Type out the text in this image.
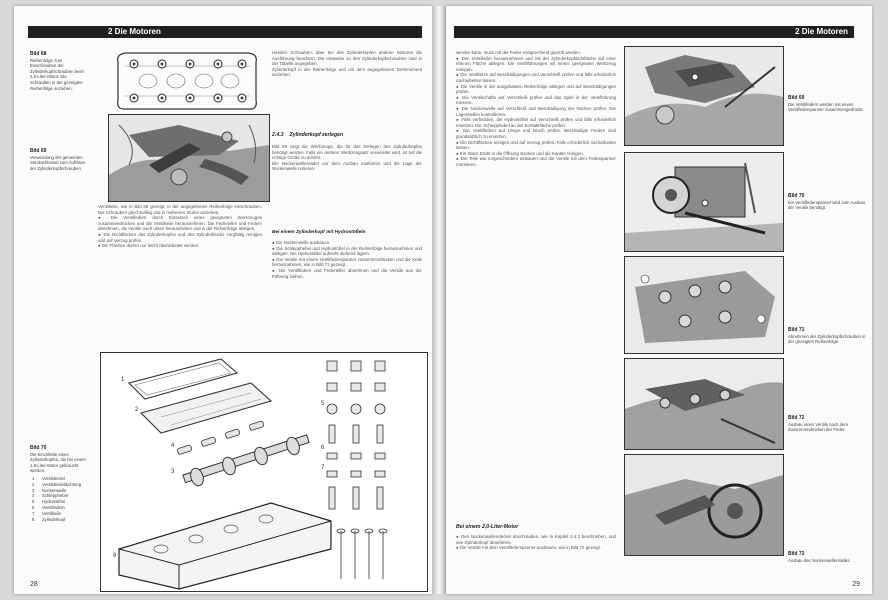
2 Die Motoren
Bild 68
Reihenfolge zum Einschrauben der Zylinderkopfschrauben beim 2,0-Liter-Motor. Die Schrauben in der gezeigten Reihenfolge anziehen.
Bild 69
Verwendung der genannten Steckschlüssel zum Auflösen der Zylinderkopfschrauben.

Ventilkeile, wie in Bild 68 gezeigt, in der angegebenen Reihenfolge einschrauben. Die Schrauben gleichmäßig und in mehreren Stufen anziehen.

● Die Ventilfedern durch Einsetzen eines geeigneten Werkzeuges zusammendrücken und die Ventilkeile herausnehmen. Die Federteller und Federn abnehmen, die Ventile nach unten herausziehen und in der Reihenfolge ablegen.

● Die Dichtflächen des Zylinderkopfes und des Zylinderblocks sorgfältig reinigen und auf Verzug prüfen.

● Die Flächen dürfen nur leicht überarbeitet werden.

Handen Schrauben, aber bei den Zylinderköpfen anderer Motoren die Ausführung beachten. Die Hinweise zu den Zylinderkopfschrauben sind in der Tabelle angegeben.

Zylinderkopf in der Reihenfolge und mit dem angegebenen Drehmoment anziehen.

2.4.3 Zylinderkopf zerlegen

Bild 69 zeigt die Werkzeuge, die für das Zerlegen des Zylinderkopfes benötigt werden. Falls ein anderer Werkzeugsatz verwendet wird, ist auf die richtige Größe zu achten.

Die Nockenwellenräder vor dem Ausbau markieren und die Lage der Nockenwelle notieren.

Bei einem Zylinderkopf mit Hydrostößeln

● Die Nockenwelle ausbauen.

● Die Schlepphebel und Hydrostößel in der Reihenfolge herausnehmen und ablegen. Die Hydrostößel aufrecht stehend lagern.

● Die Ventile mit einem Ventilfederspanner zusammendrücken und die Keile herausnehmen, wie in Bild 71 gezeigt.

● Die Ventilfedern und Federteller abnehmen und die Ventile aus der Führung ziehen.

1
2
3
4
5
6
7
8
Bild 70
Die Einzelteile eines Zylinderkopfes, die bei einem 1,8-Liter-Motor gebraucht werden.
1	Ventildeckel
2	Ventildeckeldichtung
3	Nockenwelle
4	Schlepphebel
5	Hydrostößel
6	Ventilfedern
7	Ventilkeile
8	Zylinderkopf
28
2 Die Motoren

werden kann, muss mit der Feder entsprechend geprüft werden.

● Den Ventilteller herausnehmen und mit der Zylinderkopfdichtfläche auf einer ebenen Fläche ablegen. Die Ventilführungen mit einem geeigneten Werkzeug reinigen.

● Die Ventilsitze auf Beschädigungen und Verschleiß prüfen und falls erforderlich nacharbeiten lassen.

● Die Ventile in der ausgebauten Reihenfolge ablegen und auf Beschädigungen prüfen.

● Die Ventilschäfte auf Verschleiß prüfen und das Spiel in der Ventilführung messen.

● Die Nockenwelle auf Verschleiß und Beschädigung der Nocken prüfen. Die Lagerstellen kontrollieren.

● Falls vorhanden, die Hydrostößel auf Verschleiß prüfen und falls erforderlich ersetzen. Die Schlepphebel an der Kontaktfläche prüfen.

● Die Ventilfedern auf Länge und Bruch prüfen. Beschädigte Federn sind grundsätzlich zu ersetzen.

● Die Dichtflächen reinigen und auf Verzug prüfen. Falls erforderlich nacharbeiten lassen.

● Ein Stück Draht in die Öffnung stecken und die Kanäle reinigen.

● Die Teile wie vorgeschrieben einbauen und die Ventile mit dem Federspanner montieren.

Bei einem 2,0-Liter-Motor

● Den Nockenwellendeckel abschrauben, wie in Kapitel 2.4.2 beschrieben, und den Zylinderkopf abnehmen.

● Die Ventile mit dem Ventilfederspanner ausbauen, wie in Bild 72 gezeigt.

Bild 69
Die Ventilfedern werden mit einem Ventilfederspanner zusammengedrückt.
Bild 70
Ein Ventilfederspanner wird zum Ausbau der Ventile benötigt.
Bild 71
Abnehmen der Zylinderkopfschrauben in der gezeigten Reihenfolge.
Bild 72
Ausbau eines Ventils nach dem Zusammendrücken der Feder.
Bild 73
Ausbau des Nockenwellenrades.
29
